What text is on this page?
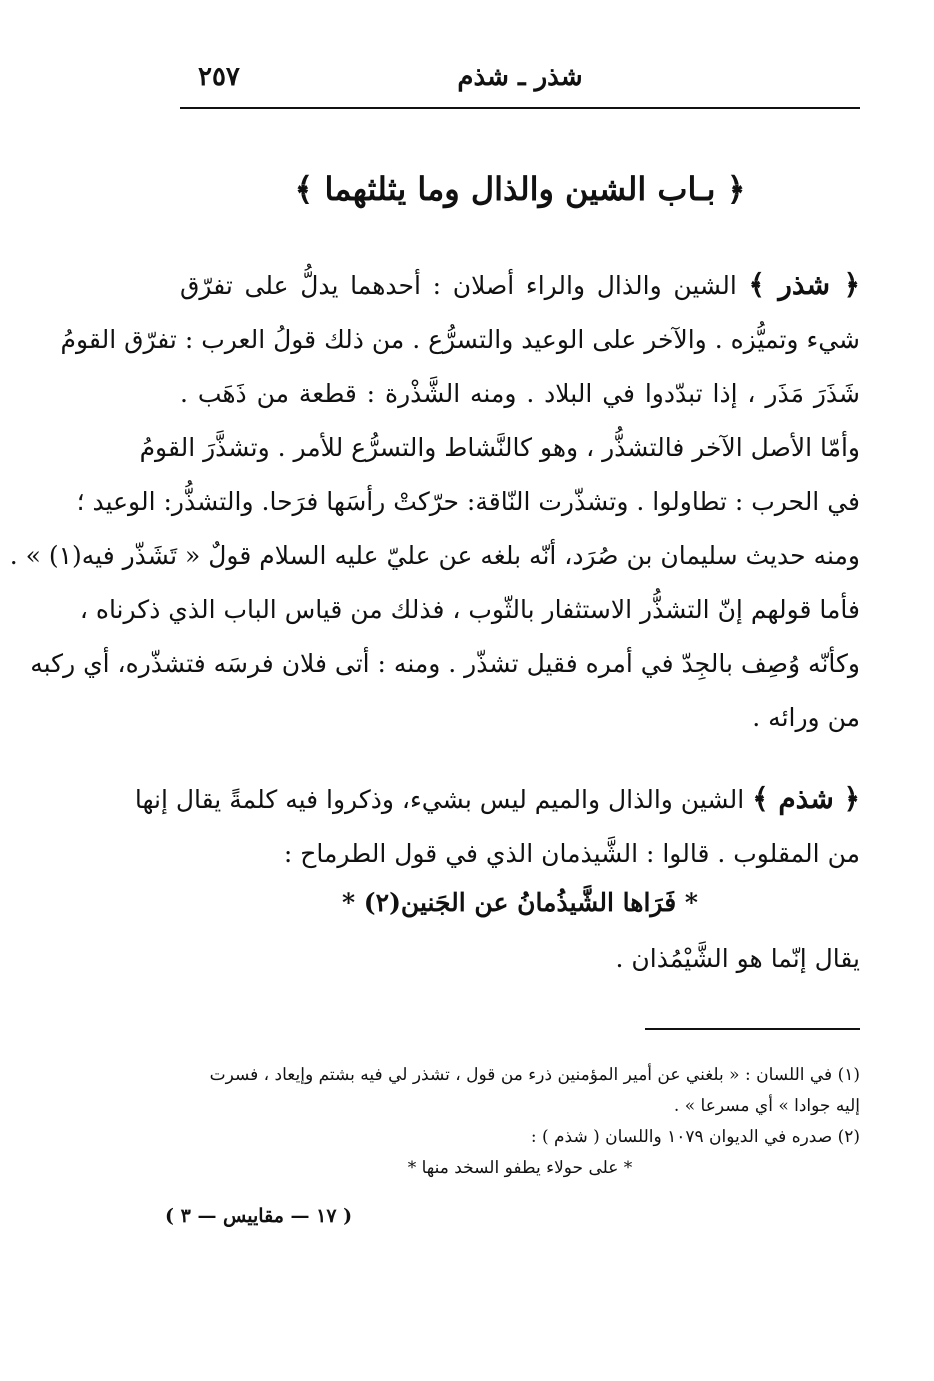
شذر ـ شذم
٢٥٧
﴿ بـاب الشين والذال وما يثلثهما ﴾
﴿ شذر ﴾ الشين والذال والراء أصلان : أحدهما يدلُّ على تفرّق
شيء وتميُّزه . والآخر على الوعيد والتسرُّع . من ذلك قولُ العرب : تفرّق القومُ
شَذَرَ مَذَر ، إذا تبدّدوا في البلاد . ومنه الشَّذْرة : قطعة من ذَهَب .
وأمّا الأصل الآخر فالتشذُّر ، وهو كالنَّشاط والتسرُّع للأمر . وتشذَّرَ القومُ
في الحرب : تطاولوا . وتشذّرت النّاقة: حرّكتْ رأسَها فرَحا. والتشذُّر: الوعيد ؛
ومنه حديث سليمان بن صُرَد، أنّه بلغه عن عليّ عليه السلام قولٌ « تَشَذّر فيه(١) » .
فأما قولهم إنّ التشذُّر الاستثفار بالثّوب ، فذلك من قياس الباب الذي ذكرناه ،
وكأنّه وُصِف بالجِدّ في أمره فقيل تشذّر . ومنه : أتى فلان فرسَه فتشذّره، أي ركبه
من ورائه .
﴿ شذم ﴾ الشين والذال والميم ليس بشيء، وذكروا فيه كلمةً يقال إنها
من المقلوب . قالوا : الشَّيذمان الذي في قول الطرماح :
* فَرَاها الشَّيذُمانُ عن الجَنين(٢) *
يقال إنّما هو الشَّيْمُذان .
(١) في اللسان : « بلغني عن أمير المؤمنين ذرء من قول ، تشذر لي فيه بشتم وإيعاد ، فسرت
إليه جوادا » أي مسرعا » .
(٢) صدره في الديوان ١٠٧٩ واللسان ( شذم ) :
* على حولاء يطفو السخد منها *
( ١٧ — مقاييس — ٣ )
